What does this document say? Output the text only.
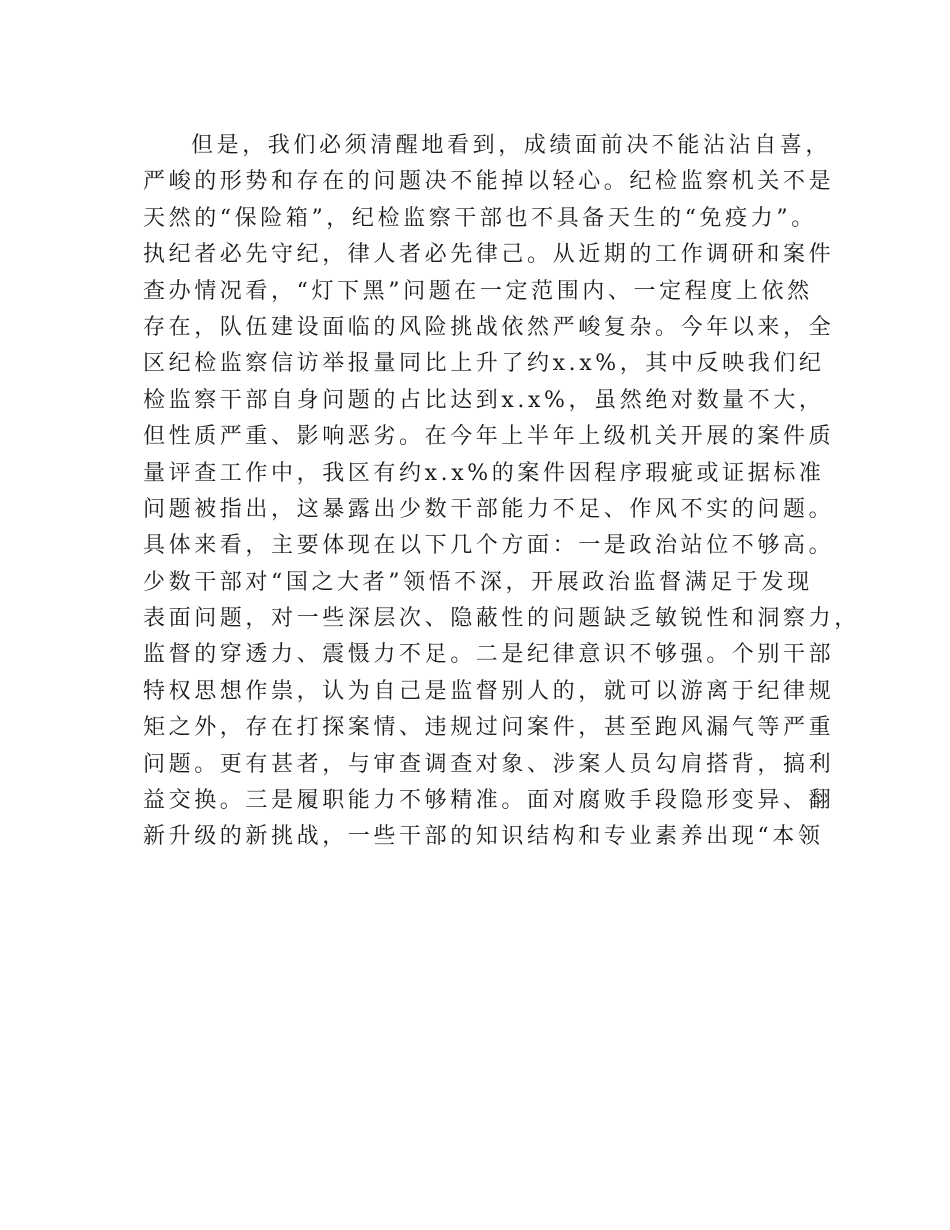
但是，我们必须清醒地看到，成绩面前决不能沾沾自喜，
严峻的形势和存在的问题决不能掉以轻心。纪检监察机关不是
天然的“保险箱”，纪检监察干部也不具备天生的“免疫力”。
执纪者必先守纪，律人者必先律己。从近期的工作调研和案件
查办情况看，“灯下黑”问题在一定范围内、一定程度上依然
存在，队伍建设面临的风险挑战依然严峻复杂。今年以来，全
区纪检监察信访举报量同比上升了约x.x%，其中反映我们纪
检监察干部自身问题的占比达到x.x%，虽然绝对数量不大，
但性质严重、影响恶劣。在今年上半年上级机关开展的案件质
量评查工作中，我区有约x.x%的案件因程序瑕疵或证据标准
问题被指出，这暴露出少数干部能力不足、作风不实的问题。
具体来看，主要体现在以下几个方面：一是政治站位不够高。
少数干部对“国之大者”领悟不深，开展政治监督满足于发现
表面问题，对一些深层次、隐蔽性的问题缺乏敏锐性和洞察力，
监督的穿透力、震慑力不足。二是纪律意识不够强。个别干部
特权思想作祟，认为自己是监督别人的，就可以游离于纪律规
矩之外，存在打探案情、违规过问案件，甚至跑风漏气等严重
问题。更有甚者，与审查调查对象、涉案人员勾肩搭背，搞利
益交换。三是履职能力不够精准。面对腐败手段隐形变异、翻
新升级的新挑战，一些干部的知识结构和专业素养出现“本领
